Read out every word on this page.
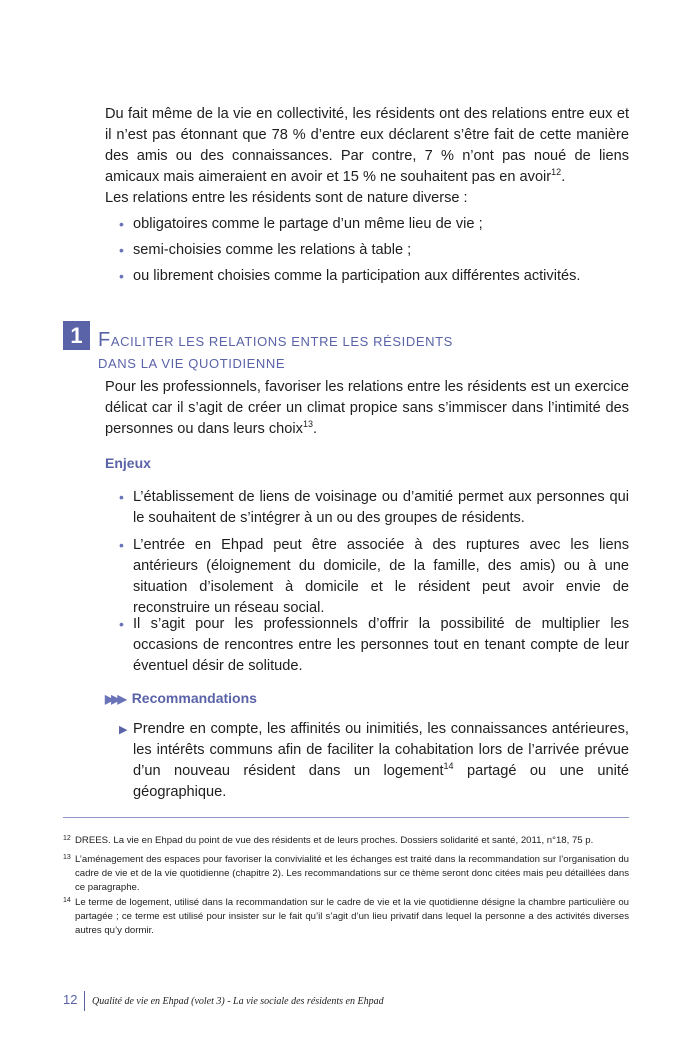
Du fait même de la vie en collectivité, les résidents ont des relations entre eux et il n’est pas étonnant que 78 % d’entre eux déclarent s’être fait de cette manière des amis ou des connaissances. Par contre, 7 % n’ont pas noué de liens amicaux mais aimeraient en avoir et 15 % ne souhaitent pas en avoir$^{12}$.

Les relations entre les résidents sont de nature diverse :

• obligatoires comme le partage d’un même lieu de vie ;
• semi-choisies comme les relations à table ;
• ou librement choisies comme la participation aux différentes activités.
1 FACILITER LES RELATIONS ENTRE LES RÉSIDENTS
DANS LA VIE QUOTIDIENNE

Pour les professionnels, favoriser les relations entre les résidents est un exercice délicat car il s’agit de créer un climat propice sans s’immiscer dans l’intimité des personnes ou dans leurs choix$^{13}$.

Enjeux
• L’établissement de liens de voisinage ou d’amitié permet aux personnes qui le souhaitent de s’intégrer à un ou des groupes de résidents.
• L’entrée en Ehpad peut être associée à des ruptures avec les liens antérieurs (éloignement du domicile, de la famille, des amis) ou à une situation d’isolement à domicile et le résident peut avoir envie de reconstruire un réseau social.
• Il s’agit pour les professionnels d’offrir la possibilité de multiplier les occasions de rencontres entre les personnes tout en tenant compte de leur éventuel désir de solitude.
▶▶▶ Recommandations
▶ Prendre en compte, les affinités ou inimitiés, les connaissances antérieures, les intérêts communs afin de faciliter la cohabitation lors de l’arrivée prévue d’un nouveau résident dans un logement$^{14}$ partagé ou une unité géographique.
12 DREES. La vie en Ehpad du point de vue des résidents et de leurs proches. Dossiers solidarité et santé, 2011, n°18, 75 p.
13 L’aménagement des espaces pour favoriser la convivialité et les échanges est traité dans la recommandation sur l’organisation du cadre de vie et de la vie quotidienne (chapitre 2). Les recommandations sur ce thème seront donc citées mais peu détaillées dans ce paragraphe.
14 Le terme de logement, utilisé dans la recommandation sur le cadre de vie et la vie quotidienne désigne la chambre particulière ou partagée ; ce terme est utilisé pour insister sur le fait qu’il s’agit d’un lieu privatif dans lequel la personne a des activités diverses autres qu’y dormir.
12 Qualité de vie en Ehpad (volet 3) - La vie sociale des résidents en Ehpad
